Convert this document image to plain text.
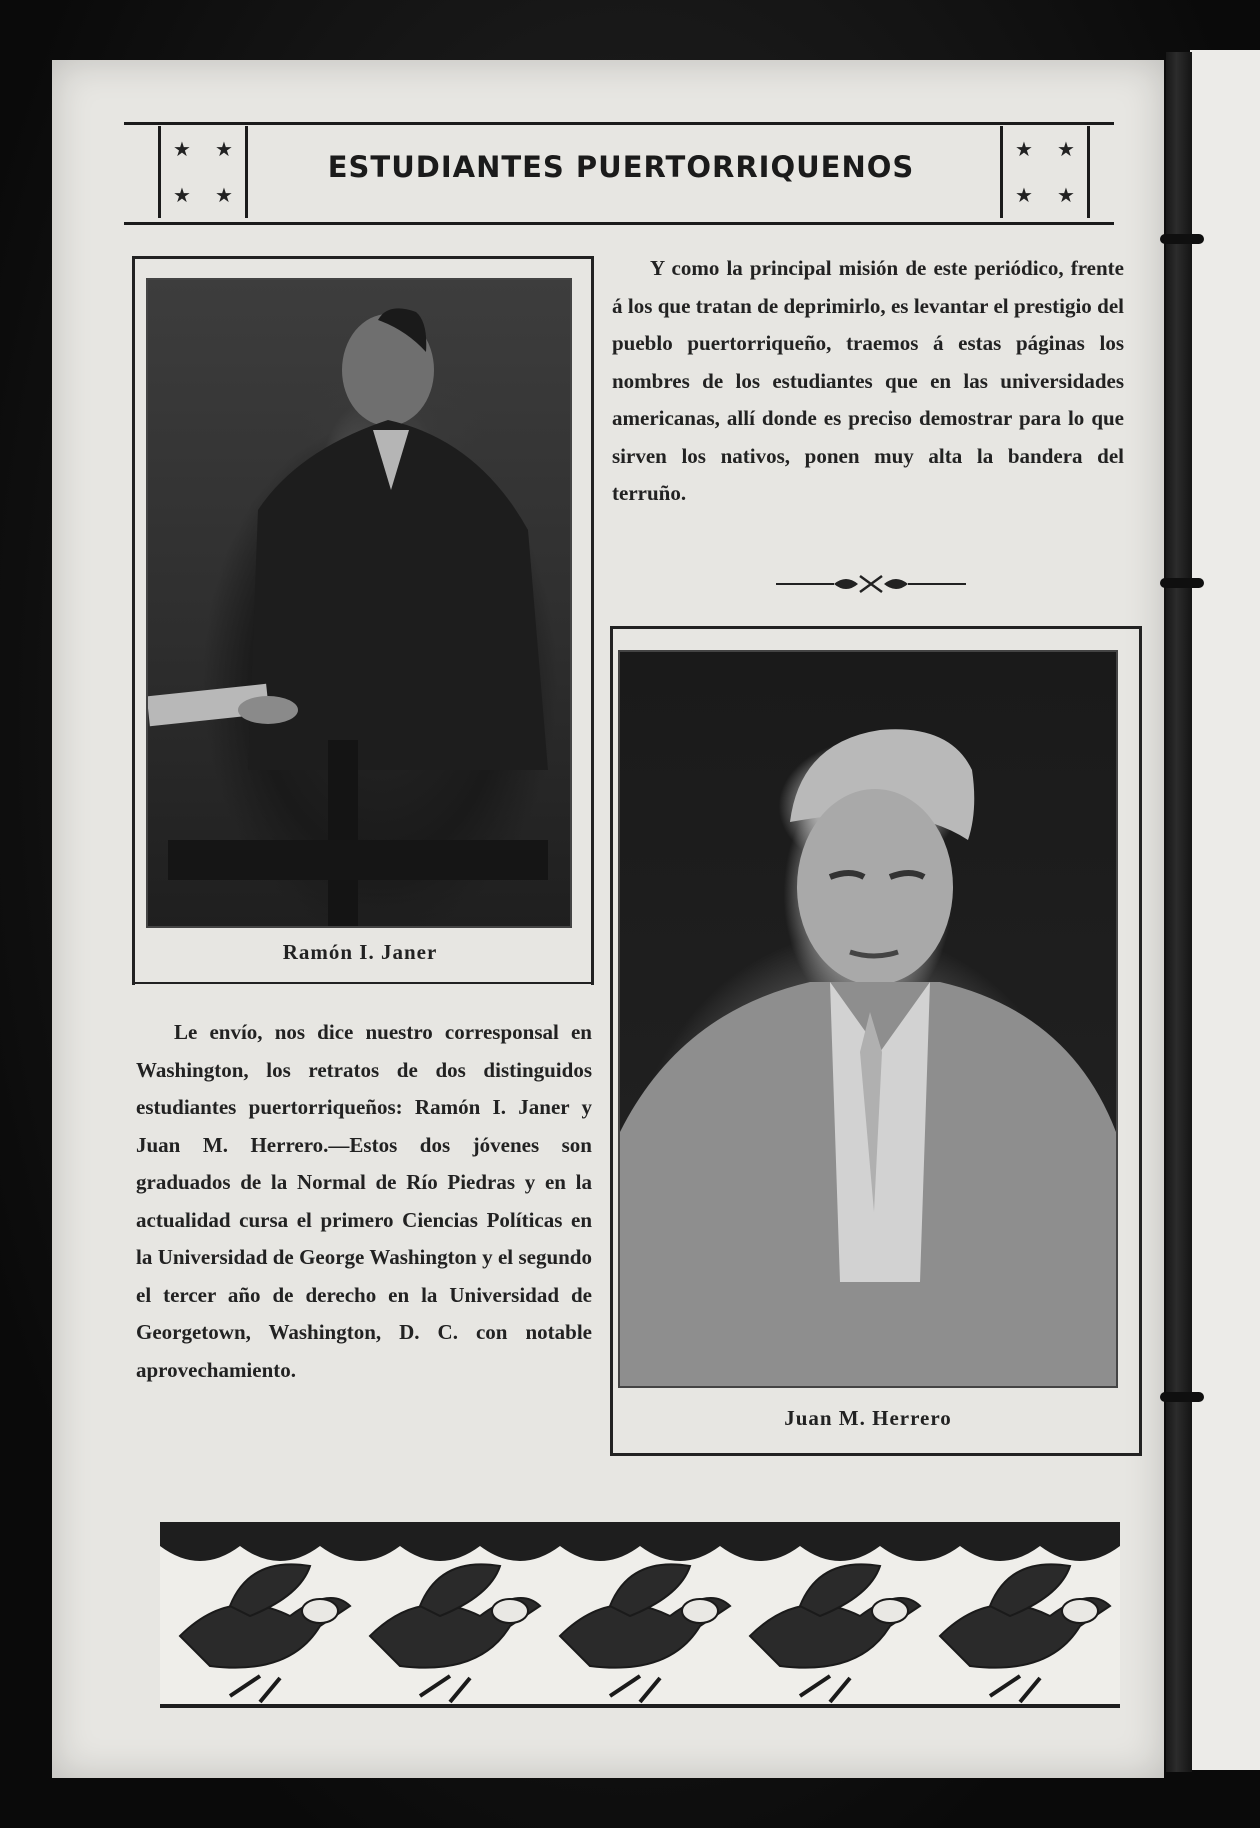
★ ★
★ ★
★ ★
★ ★
ESTUDIANTES PUERTORRIQUENOS
Ramón I. Janer

Y como la principal misión de este periódico, frente á los que tratan de deprimirlo, es levantar el prestigio del pueblo puertorriqueño, traemos á estas páginas los nombres de los estudiantes que en las universidades americanas, allí donde es preciso demostrar para lo que sirven los nativos, ponen muy alta la bandera del terruño.

Juan M. Herrero

Le envío, nos dice nuestro corresponsal en Washington, los retratos de dos distinguidos estudiantes puertorriqueños: Ramón I. Janer y Juan M. Herrero.—Estos dos jóvenes son graduados de la Normal de Río Piedras y en la actualidad cursa el primero Ciencias Políticas en la Universidad de George Washington y el segundo el tercer año de derecho en la Universidad de Georgetown, Washington, D. C. con notable aprovechamiento.
